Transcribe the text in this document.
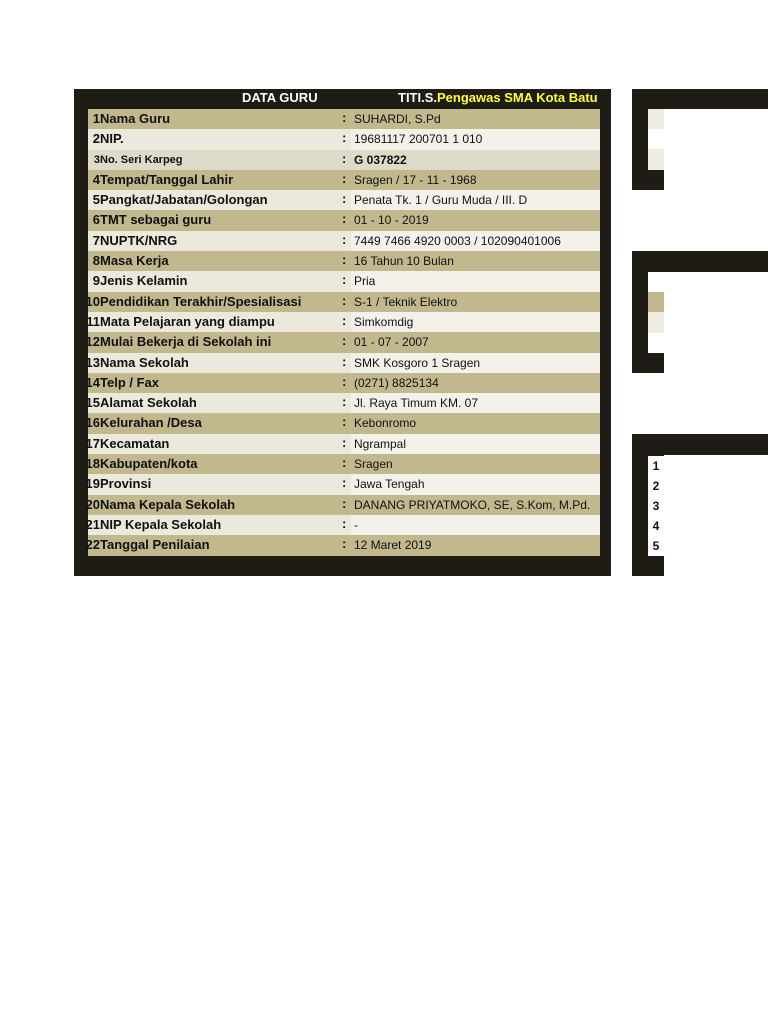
DATA GURU	TITI.S.Pengawas SMA Kota Batu
1 Nama Guru	: SUHARDI, S.Pd
2 NIP.	: 19681117 200701 1 010
3 No. Seri Karpeg	: G 037822
4 Tempat/Tanggal Lahir	: Sragen / 17 - 11 - 1968
5 Pangkat/Jabatan/Golongan	: Penata Tk. 1 / Guru Muda / III. D
6 TMT sebagai guru	: 01 - 10 - 2019
7 NUPTK/NRG	: 7449 7466 4920 0003 / 102090401006
8 Masa Kerja	: 16 Tahun 10 Bulan
9 Jenis Kelamin	: Pria
10 Pendidikan Terakhir/Spesialisasi	: S-1 / Teknik Elektro
11 Mata Pelajaran yang diampu	: Simkomdig
12 Mulai Bekerja di Sekolah ini	: 01 - 07 - 2007
13 Nama Sekolah	: SMK Kosgoro 1 Sragen
14 Telp / Fax	: (0271) 8825134
15 Alamat Sekolah	: Jl. Raya Timum KM. 07
16 Kelurahan /Desa	: Kebonromo
17 Kecamatan	: Ngrampal
18 Kabupaten/kota	: Sragen
19 Provinsi	: Jawa Tengah
20 Nama Kepala Sekolah	: DANANG PRIYATMOKO, SE, S.Kom, M.Pd.
21 NIP Kepala Sekolah	: -
22 Tanggal Penilaian	: 12 Maret 2019
1
2
3
4
5
